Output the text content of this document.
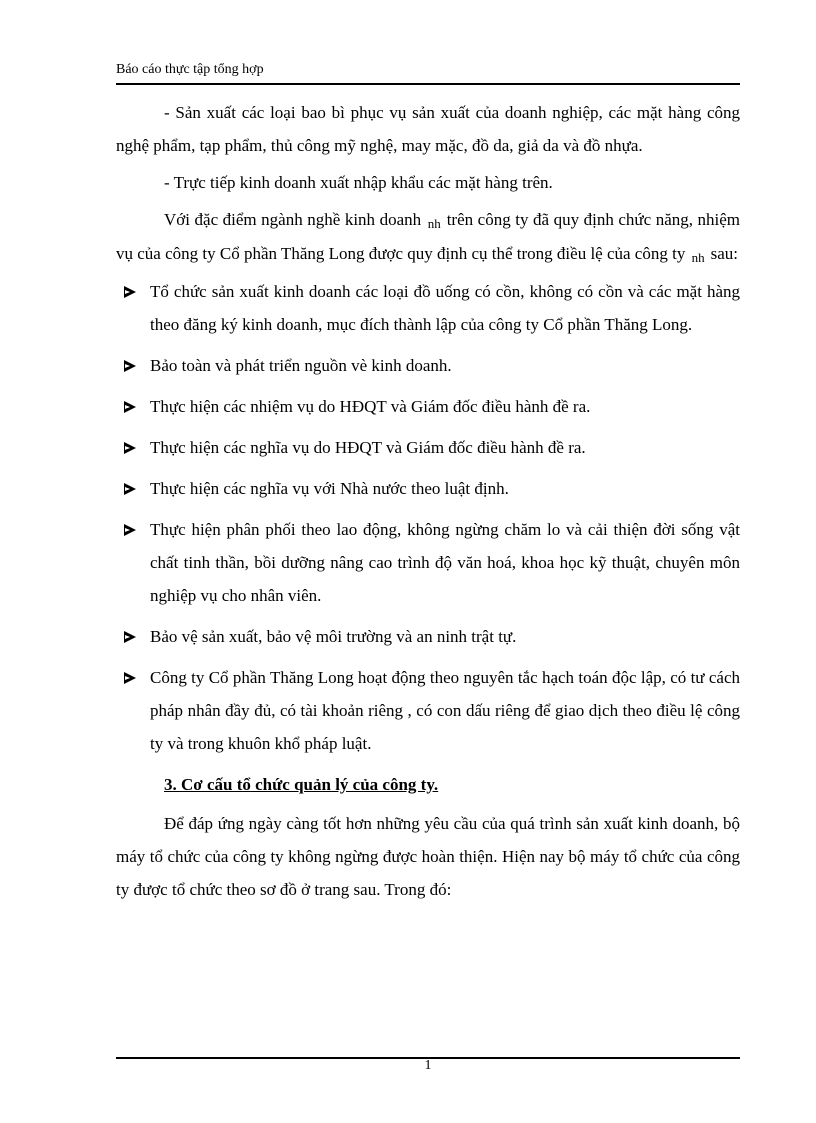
Báo cáo thực tập tổng hợp

- Sản xuất các loại bao bì phục vụ sản xuất của doanh nghiệp, các mặt hàng công nghệ phẩm, tạp phẩm, thủ công mỹ nghệ, may mặc, đồ da, giả da và đồ nhựa.

- Trực tiếp kinh doanh xuất nhập khẩu các mặt hàng trên.

Với đặc điểm ngành nghề kinh doanh nh trên công ty đã quy định chức năng, nhiệm vụ của công ty Cổ phần Thăng Long được quy định cụ thể trong điều lệ của công ty nh sau:

Tổ chức sản xuất kinh doanh các loại đồ uống có cồn, không có cồn và các mặt hàng theo đăng ký kinh doanh, mục đích thành lập của công ty Cổ phần Thăng Long.
Bảo toàn và phát triển nguồn vè kinh doanh.
Thực hiện các nhiệm vụ do HĐQT và Giám đốc điều hành đề ra.
Thực hiện các nghĩa vụ do HĐQT và Giám đốc điều hành đề ra.
Thực hiện các nghĩa vụ với Nhà nước theo luật định.
Thực hiện phân phối theo lao động, không ngừng chăm lo và cải thiện đời sống vật chất tinh thần, bồi dưỡng nâng cao trình độ văn hoá, khoa học kỹ thuật, chuyên môn nghiệp vụ cho nhân viên.
Bảo vệ sản xuất, bảo vệ môi trường và an ninh trật tự.
Công ty Cổ phần Thăng Long hoạt động theo nguyên tắc hạch toán độc lập, có tư cách pháp nhân đầy đủ, có tài khoản riêng , có con dấu riêng để giao dịch theo điều lệ công ty và trong khuôn khổ pháp luật.
3. Cơ cấu tổ chức quản lý của công ty.

Để đáp ứng ngày càng tốt hơn những yêu cầu của quá trình sản xuất kinh doanh, bộ máy tổ chức của công ty không ngừng được hoàn thiện. Hiện nay bộ máy tổ chức của công ty được tổ chức theo sơ đồ ở trang sau. Trong đó:

1
